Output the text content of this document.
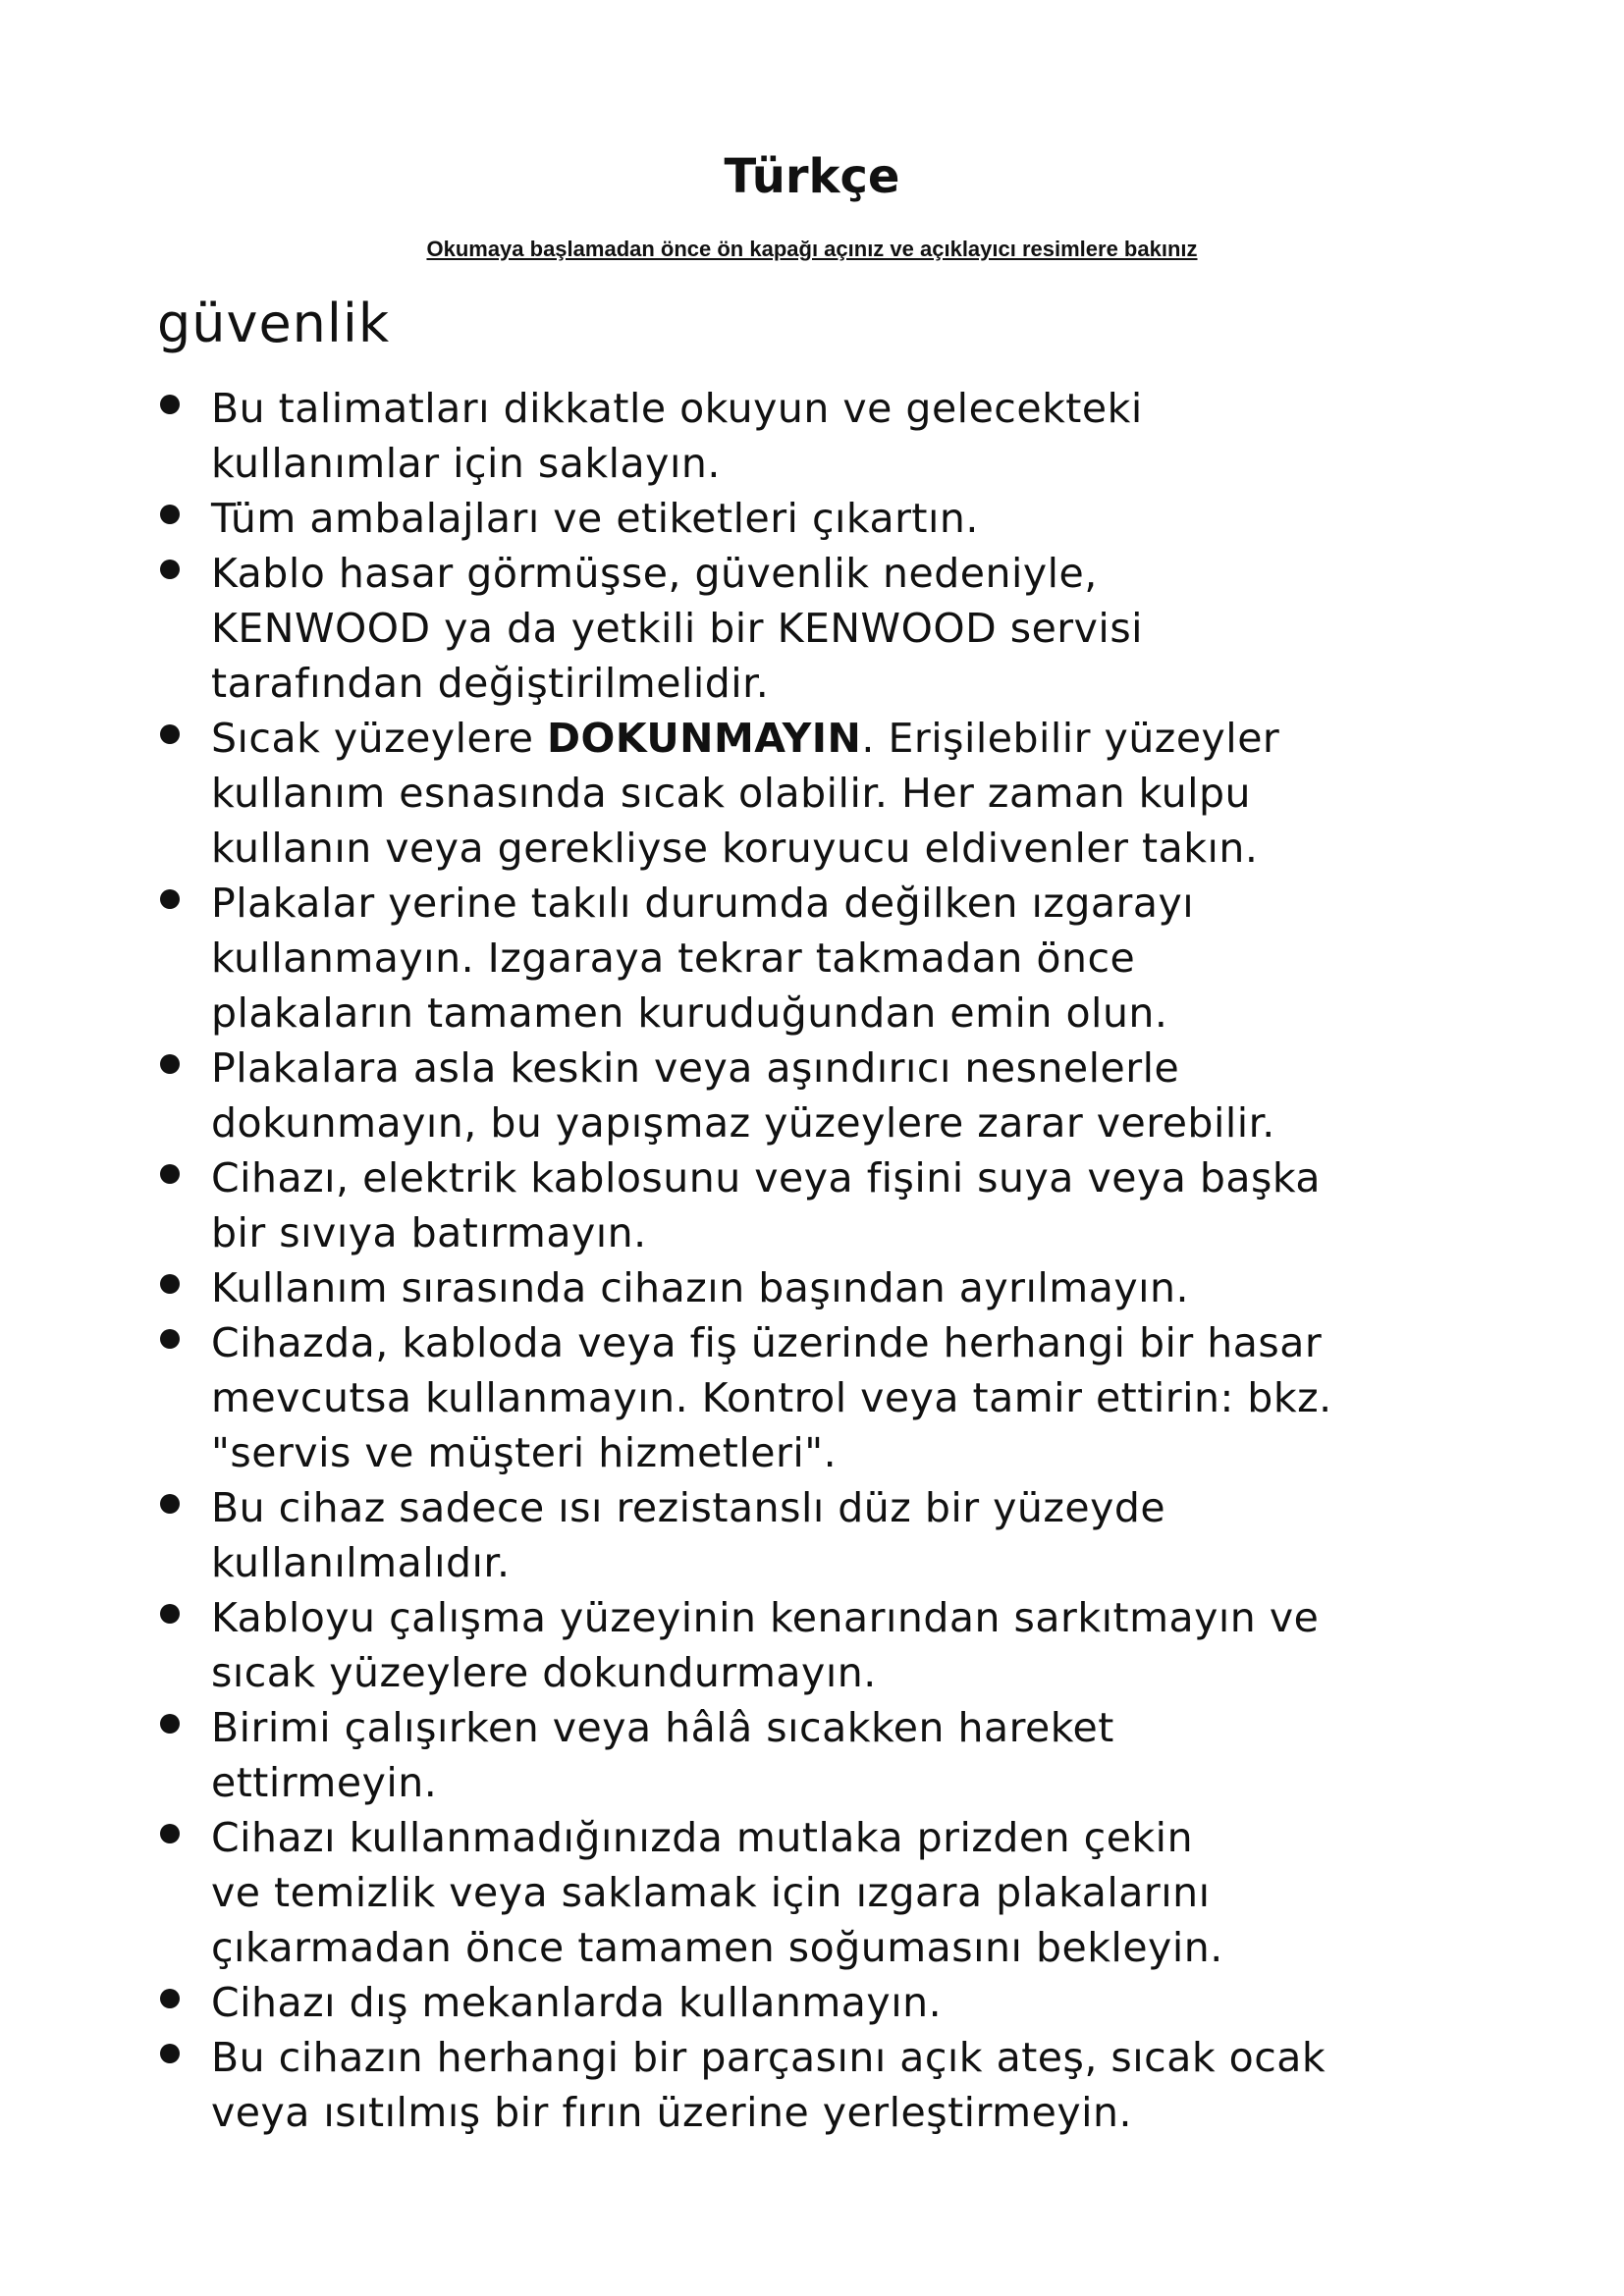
Türkçe

Okumaya başlamadan önce ön kapağı açınız ve açıklayıcı resimlere bakınız

güvenlik
Bu talimatları dikkatle okuyun ve gelecekteki
kullanımlar için saklayın.
Tüm ambalajları ve etiketleri çıkartın.
Kablo hasar görmüşse, güvenlik nedeniyle,
KENWOOD ya da yetkili bir KENWOOD servisi
tarafından değiştirilmelidir.
Sıcak yüzeylere DOKUNMAYIN. Erişilebilir yüzeyler
kullanım esnasında sıcak olabilir. Her zaman kulpu
kullanın veya gerekliyse koruyucu eldivenler takın.
Plakalar yerine takılı durumda değilken ızgarayı
kullanmayın. Izgaraya tekrar takmadan önce
plakaların tamamen kuruduğundan emin olun.
Plakalara asla keskin veya aşındırıcı nesnelerle
dokunmayın, bu yapışmaz yüzeylere zarar verebilir.
Cihazı, elektrik kablosunu veya fişini suya veya başka
bir sıvıya batırmayın.
Kullanım sırasında cihazın başından ayrılmayın.
Cihazda, kabloda veya fiş üzerinde herhangi bir hasar
mevcutsa kullanmayın. Kontrol veya tamir ettirin: bkz.
"servis ve müşteri hizmetleri".
Bu cihaz sadece ısı rezistanslı düz bir yüzeyde
kullanılmalıdır.
Kabloyu çalışma yüzeyinin kenarından sarkıtmayın ve
sıcak yüzeylere dokundurmayın.
Birimi çalışırken veya hâlâ sıcakken hareket
ettirmeyin.
Cihazı kullanmadığınızda mutlaka prizden çekin
ve temizlik veya saklamak için ızgara plakalarını
çıkarmadan önce tamamen soğumasını bekleyin.
Cihazı dış mekanlarda kullanmayın.
Bu cihazın herhangi bir parçasını açık ateş, sıcak ocak
veya ısıtılmış bir fırın üzerine yerleştirmeyin.
